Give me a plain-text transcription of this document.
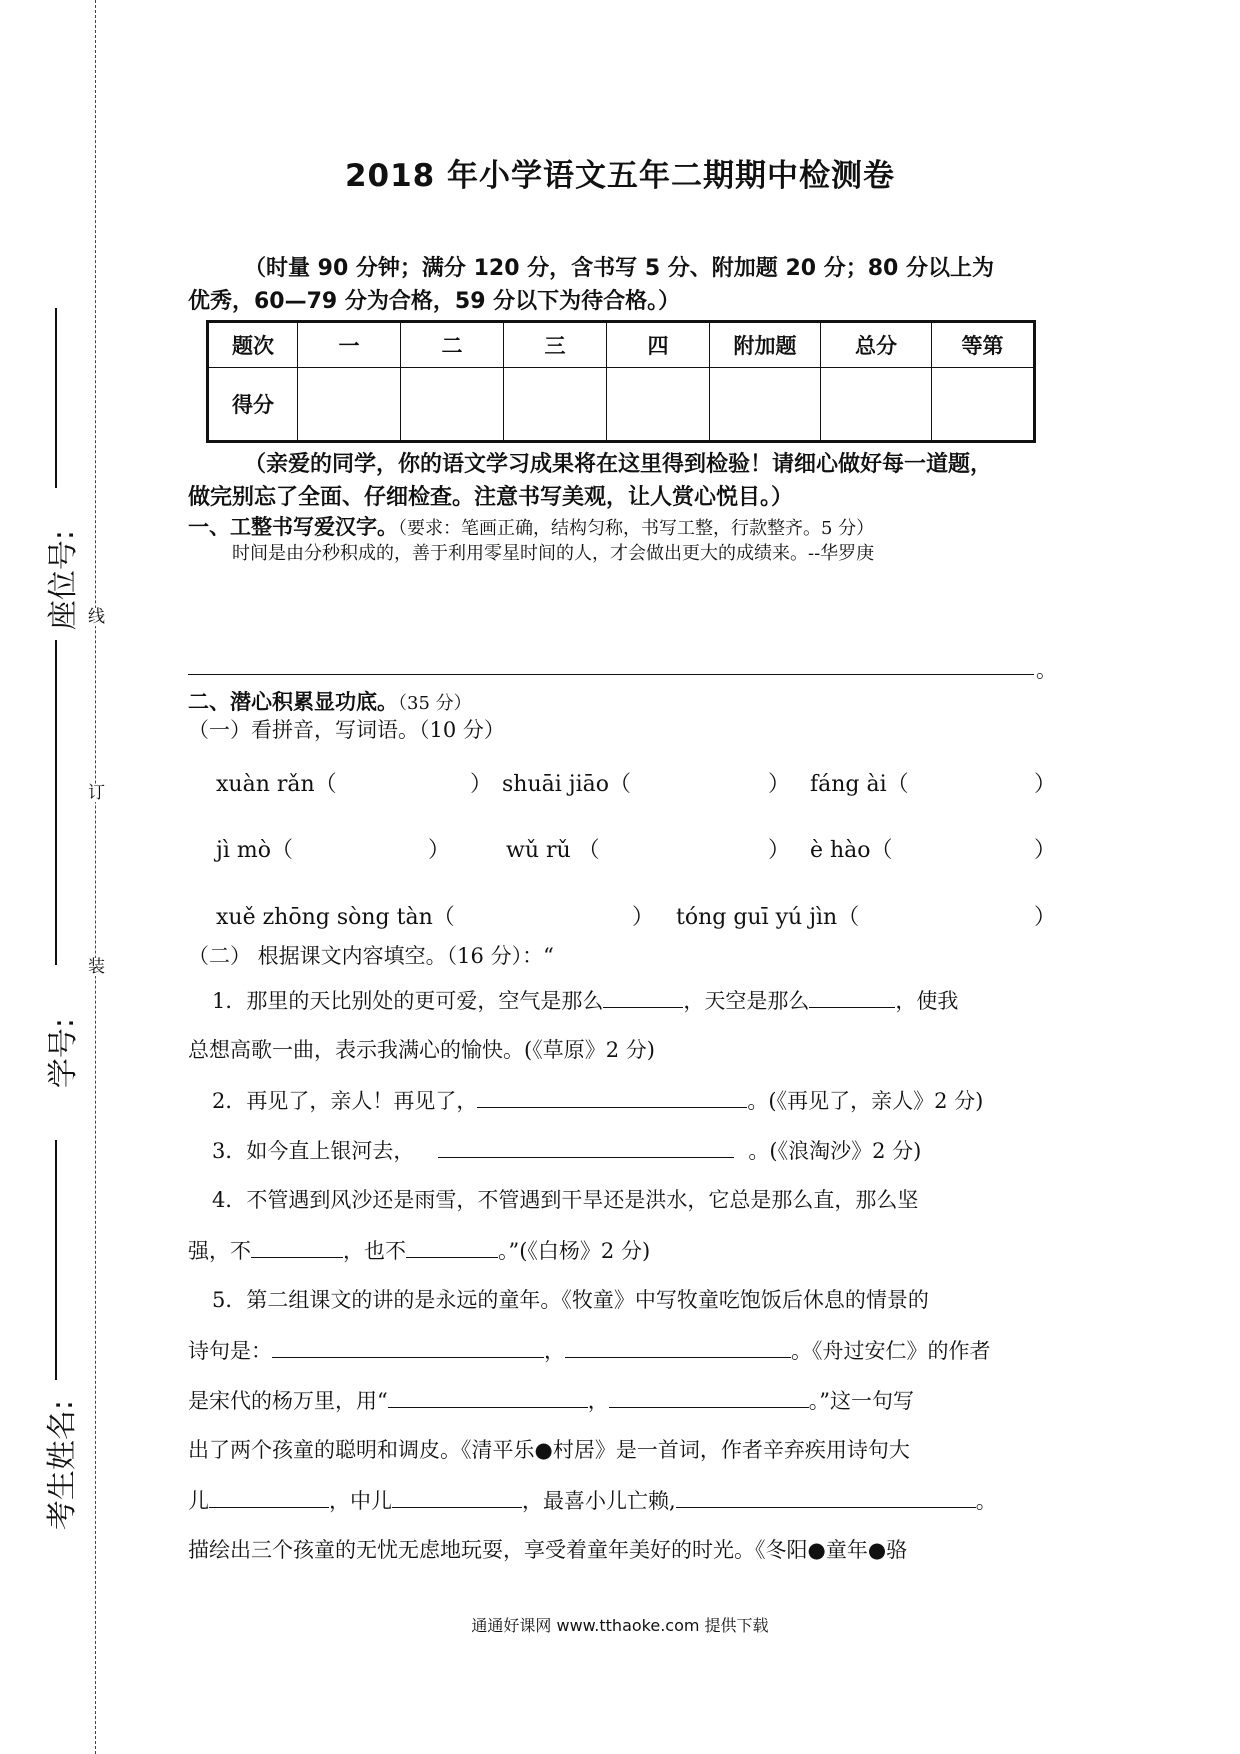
线
订
装
座位号:
学号:
考生姓名:
2018 年小学语文五年二期期中检测卷
（时量 90 分钟；满分 120 分，含书写 5 分、附加题 20 分；80 分以上为
优秀，60—79 分为合格，59 分以下为待合格。）
题次	一	二	三	四	附加题	总分	等第
得分							
（亲爱的同学，你的语文学习成果将在这里得到检验！请细心做好每一道题，
做完别忘了全面、仔细检查。注意书写美观，让人赏心悦目。）
一、工整书写爱汉字。（要求：笔画正确，结构匀称，书写工整，行款整齐。5 分）
时间是由分秒积成的，善于利用零星时间的人，才会做出更大的成绩来。--华罗庚
。
二、潜心积累显功底。（35 分）
（一）看拼音，写词语。（10 分）
xuàn rǎn（	） shuāi jiāo（	） fáng ài（	）
jì mò（	）	wǔ rǔ （	） è hào（	）
xuě zhōng sòng tàn（	） tóng guī yú jìn（	）
（二） 根据课文内容填空。（16 分）：“
1．那里的天比别处的更可爱，空气是那么	，天空是那么	，使我
总想高歌一曲，表示我满心的愉快。(《草原》2 分)
2．再见了，亲人！再见了，	。(《再见了，亲人》2 分)
3．如今直上银河去，	。(《浪淘沙》2 分)
4．不管遇到风沙还是雨雪，不管遇到干旱还是洪水，它总是那么直，那么坚
强，不	，也不	。”(《白杨》2 分)
5．第二组课文的讲的是永远的童年。《牧童》中写牧童吃饱饭后休息的情景的
诗句是：	，	。《舟过安仁》的作者
是宋代的杨万里，用“	，	。”这一句写
出了两个孩童的聪明和调皮。《清平乐●村居》是一首词，作者辛弃疾用诗句大
儿	，中儿	，最喜小儿亡赖,	。
描绘出三个孩童的无忧无虑地玩耍，享受着童年美好的时光。《冬阳●童年●骆
通通好课网 www.tthaoke.com 提供下载
